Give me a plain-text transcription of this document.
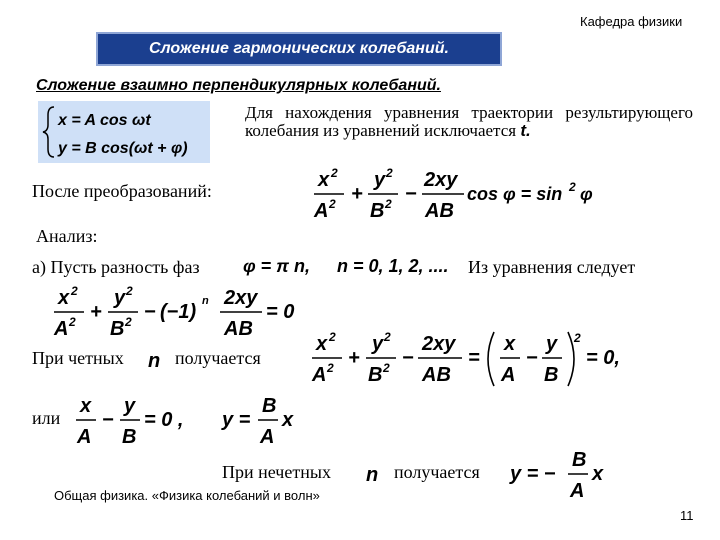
Кафедра физики
Сложение гармонических колебаний.
Сложение взаимно перпендикулярных колебаний.
x = A cos ωt
y = B cos(ωt + φ)
Для нахождения уравнения траектории результирующего колебания из уравнений исключается t.
После преобразований:	x 2
A 2 +
y 2
B 2 −
2xy
AB
cos φ = sin 2 φ
Анализ:
а) Пусть разность фаз φ = π n, n = 0, 1, 2, .... Из уравнения следует
x 2
A 2 +
y 2
B 2 − (−1) n 2xy
AB
= 0
При четных n получается
x 2
A 2 +
y 2
B 2 −
2xy
AB
=
x
A
−
y
B
2
= 0,
или
x
A
−
y
B
= 0 , y =
B
A
x
При нечетных n получается y = −
B
A
x
Общая физика. «Физика колебаний и волн»
11
